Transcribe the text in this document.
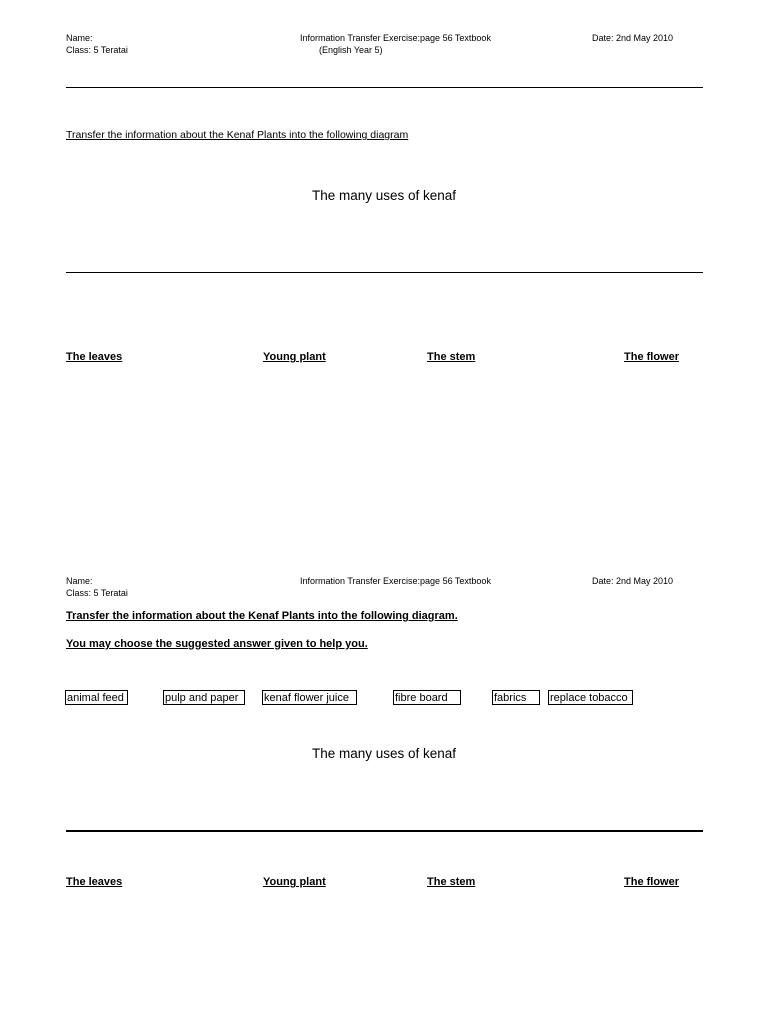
Name:
Class: 5 Teratai
Information Transfer Exercise:page 56 Textbook
(English Year 5)
Date: 2nd May 2010
Transfer the information about the Kenaf Plants into the following diagram
The many uses of kenaf
The leaves	Young plant	The stem	The flower
Name:
Class: 5 Teratai
Information Transfer Exercise:page 56 Textbook	Date: 2nd May 2010
Transfer the information about the Kenaf Plants into the following diagram.
You may choose the suggested answer given to help you.
animal feed	pulp and paper	kenaf flower juice	fibre board	fabrics	replace tobacco
The many uses of kenaf
The leaves	Young plant	The stem	The flower
